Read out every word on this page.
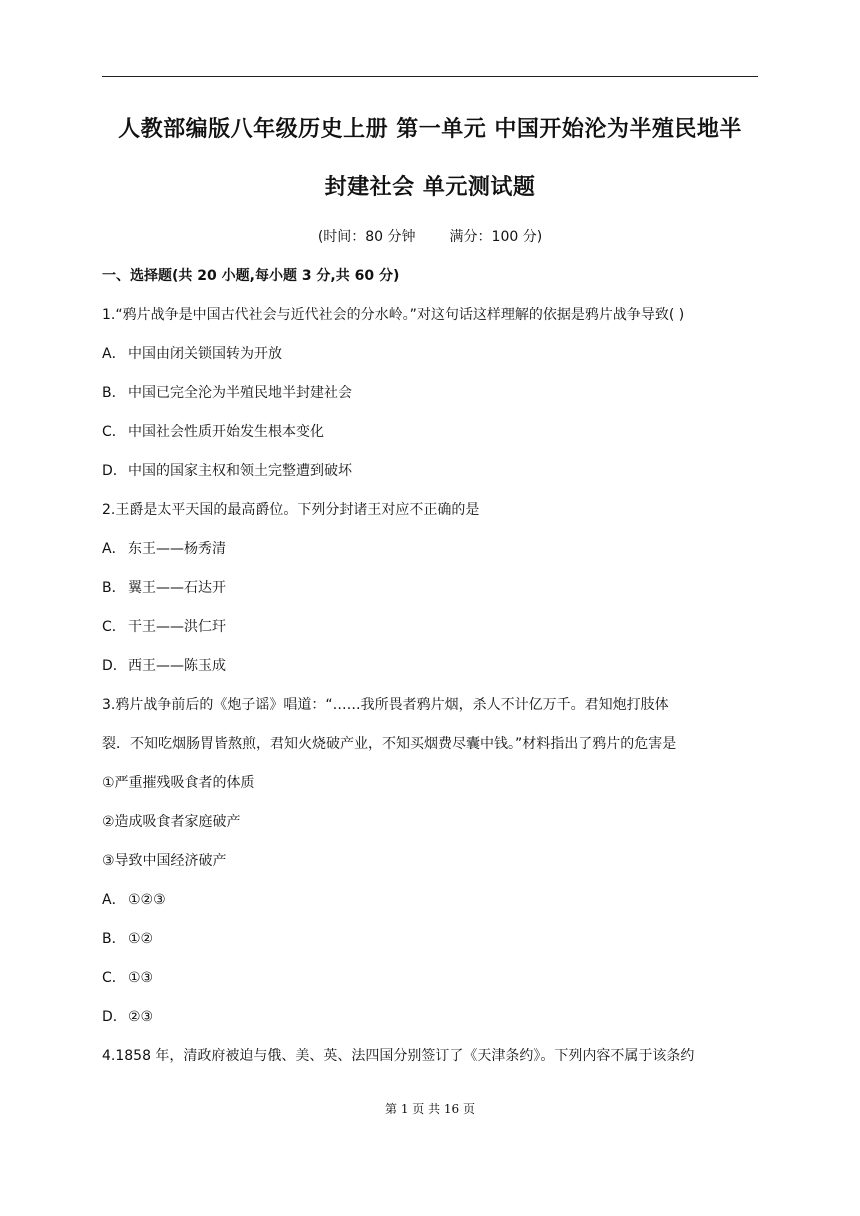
人教部编版八年级历史上册 第一单元 中国开始沦为半殖民地半
封建社会 单元测试题
(时间：80 分钟 满分：100 分)
一、选择题(共 20 小题,每小题 3 分,共 60 分)
1.“鸦片战争是中国古代社会与近代社会的分水岭。”对这句话这样理解的依据是鸦片战争导致( )
A． 中国由闭关锁国转为开放
B． 中国已完全沦为半殖民地半封建社会
C． 中国社会性质开始发生根本变化
D．中国的国家主权和领土完整遭到破坏
2.王爵是太平天国的最高爵位。下列分封诸王对应不正确的是
A． 东王——杨秀清
B． 翼王——石达开
C． 干王——洪仁玕
D．西王——陈玉成
3.鸦片战争前后的《炮子谣》唱道：“……我所畏者鸦片烟，杀人不计亿万千。君知炮打肢体
裂．不知吃烟肠胃皆熬煎，君知火烧破产业，不知买烟费尽囊中钱。”材料指出了鸦片的危害是
①严重摧残吸食者的体质
②造成吸食者家庭破产
③导致中国经济破产
A． ①②③
B． ①②
C． ①③
D．②③
4.1858 年，清政府被迫与俄、美、英、法四国分别签订了《天津条约》。下列内容不属于该条约
第 1 页 共 16 页
